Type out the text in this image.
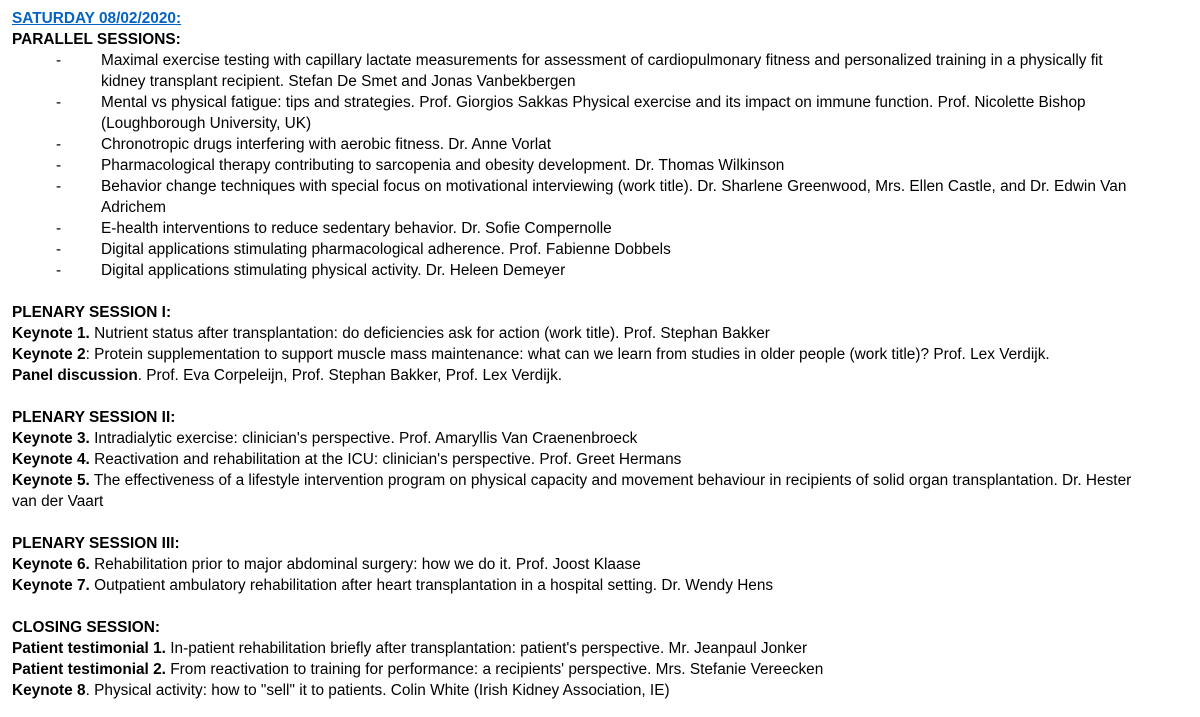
SATURDAY 08/02/2020:
PARALLEL SESSIONS:
-	Maximal exercise testing with capillary lactate measurements for assessment of cardiopulmonary fitness and personalized training in a physically fit kidney transplant recipient. Stefan De Smet and Jonas Vanbekbergen
-	Mental vs physical fatigue: tips and strategies. Prof. Giorgios Sakkas Physical exercise and its impact on immune function. Prof. Nicolette Bishop (Loughborough University, UK)
-	Chronotropic drugs interfering with aerobic fitness. Dr. Anne Vorlat
-	Pharmacological therapy contributing to sarcopenia and obesity development. Dr. Thomas Wilkinson
-	Behavior change techniques with special focus on motivational interviewing (work title). Dr. Sharlene Greenwood, Mrs. Ellen Castle, and Dr. Edwin Van Adrichem
-	E-health interventions to reduce sedentary behavior. Dr. Sofie Compernolle
-	Digital applications stimulating pharmacological adherence. Prof. Fabienne Dobbels
-	Digital applications stimulating physical activity. Dr. Heleen Demeyer
PLENARY SESSION I:
Keynote 1. Nutrient status after transplantation: do deficiencies ask for action (work title). Prof. Stephan Bakker
Keynote 2: Protein supplementation to support muscle mass maintenance: what can we learn from studies in older people (work title)? Prof. Lex Verdijk.
Panel discussion. Prof. Eva Corpeleijn, Prof. Stephan Bakker, Prof. Lex Verdijk.
PLENARY SESSION II:
Keynote 3. Intradialytic exercise: clinician's perspective. Prof. Amaryllis Van Craenenbroeck
Keynote 4. Reactivation and rehabilitation at the ICU: clinician's perspective. Prof. Greet Hermans
Keynote 5. The effectiveness of a lifestyle intervention program on physical capacity and movement behaviour in recipients of solid organ transplantation. Dr. Hester van der Vaart
PLENARY SESSION III:
Keynote 6. Rehabilitation prior to major abdominal surgery: how we do it. Prof. Joost Klaase
Keynote 7. Outpatient ambulatory rehabilitation after heart transplantation in a hospital setting. Dr. Wendy Hens
CLOSING SESSION:
Patient testimonial 1. In-patient rehabilitation briefly after transplantation: patient's perspective. Mr. Jeanpaul Jonker
Patient testimonial 2. From reactivation to training for performance: a recipients' perspective. Mrs. Stefanie Vereecken
Keynote 8. Physical activity: how to "sell" it to patients. Colin White (Irish Kidney Association, IE)
